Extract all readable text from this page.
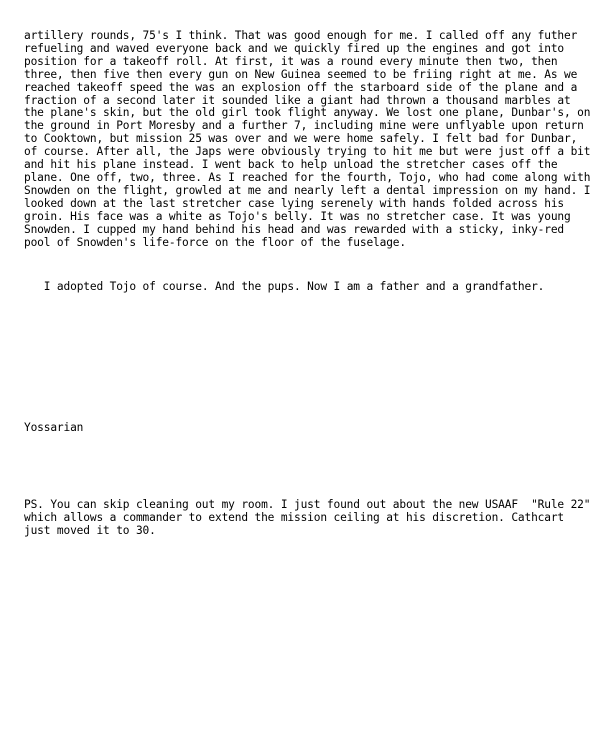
artillery rounds, 75's I think. That was good enough for me. I called off any futher refueling and waved everyone back and we quickly fired up the engines and got into position for a takeoff roll. At first, it was a round every minute then two, then three, then five then every gun on New Guinea seemed to be friing right at me. As we reached takeoff speed the was an explosion off the starboard side of the plane and a fraction of a second later it sounded like a giant had thrown a thousand marbles at the plane's skin, but the old girl took flight anyway. We lost one plane, Dunbar's, on the ground in Port Moresby and a further 7, including mine were unflyable upon return to Cooktown, but mission 25 was over and we were home safely. I felt bad for Dunbar, of course. After all, the Japs were obviously trying to hit me but were just off a bit and hit his plane instead. I went back to help unload the stretcher cases off the plane. One off, two, three. As I reached for the fourth, Tojo, who had come along with Snowden on the flight, growled at me and nearly left a dental impression on my hand. I looked down at the last stretcher case lying serenely with hands folded across his groin. His face was a white as Tojo's belly. It was no stretcher case. It was young Snowden. I cupped my hand behind his head and was rewarded with a sticky, inky-red pool of Snowden's life-force on the floor of the fuselage.

I adopted Tojo of course. And the pups. Now I am a father and a grandfather.

Yossarian

PS. You can skip cleaning out my room. I just found out about the new USAAF  "Rule 22" which allows a commander to extend the mission ceiling at his discretion. Cathcart just moved it to 30.
